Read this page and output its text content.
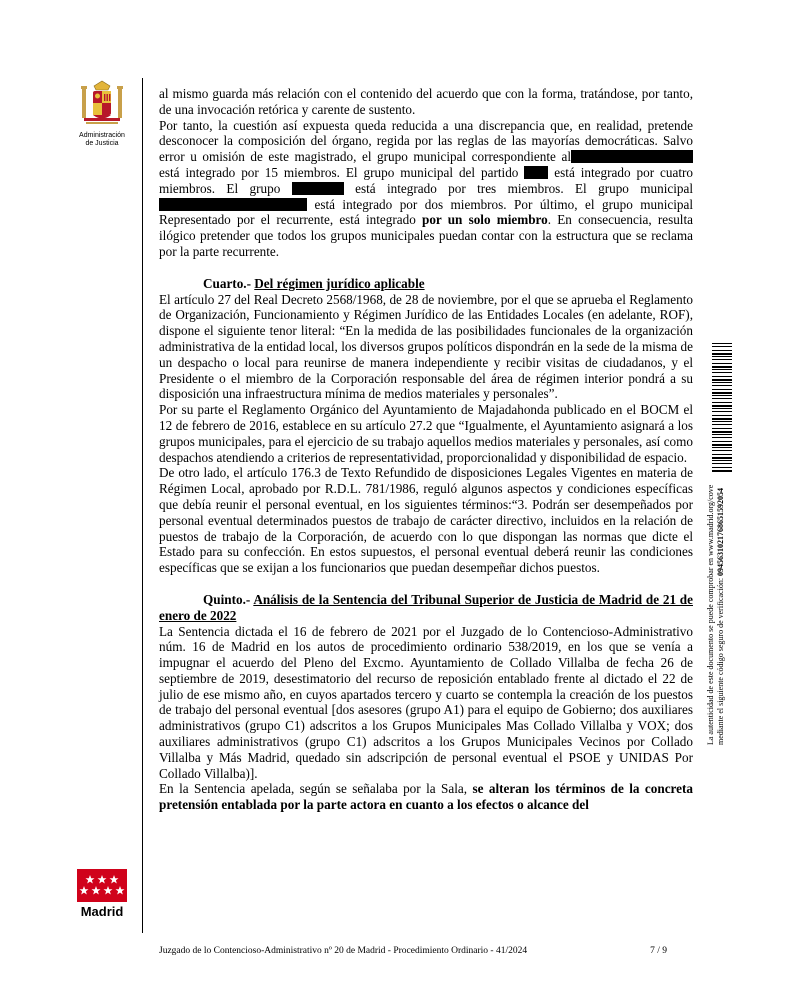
Administración
de Justicia
Madrid

al mismo guarda más relación con el contenido del acuerdo que con la forma, tratándose, por tanto, de una invocación retórica y carente de sustento.

Por tanto, la cuestión así expuesta queda reducida a una discrepancia que, en realidad, pretende desconocer la composición del órgano, regida por las reglas de las mayorías democráticas. Salvo error u omisión de este magistrado, el grupo municipal correspondiente al está integrado por 15 miembros. El grupo municipal del partido  está integrado por cuatro miembros. El grupo	está integrado por tres miembros. El grupo municipal  está integrado por dos miembros. Por último, el grupo municipal Representado por el recurrente, está integrado por un solo miembro. En consecuencia, resulta ilógico pretender que todos los grupos municipales puedan contar con la estructura que se reclama por la parte recurrente.

Cuarto.- Del régimen jurídico aplicable

El artículo 27 del Real Decreto 2568/1968, de 28 de noviembre, por el que se aprueba el Reglamento de Organización, Funcionamiento y Régimen Jurídico de las Entidades Locales (en adelante, ROF), dispone el siguiente tenor literal: “En la medida de las posibilidades funcionales de la organización administrativa de la entidad local, los diversos grupos políticos dispondrán en la sede de la misma de un despacho o local para reunirse de manera independiente y recibir visitas de ciudadanos, y el Presidente o el miembro de la Corporación responsable del área de régimen interior pondrá a su disposición una infraestructura mínima de medios materiales y personales”.

Por su parte el Reglamento Orgánico del Ayuntamiento de Majadahonda publicado en el BOCM el 12 de febrero de 2016, establece en su artículo 27.2 que “Igualmente, el Ayuntamiento asignará a los grupos municipales, para el ejercicio de su trabajo aquellos medios materiales y personales, así como despachos atendiendo a criterios de representatividad, proporcionalidad y disponibilidad de espacio.

De otro lado, el artículo 176.3 de Texto Refundido de disposiciones Legales Vigentes en materia de Régimen Local, aprobado por R.D.L. 781/1986, reguló algunos aspectos y condiciones específicas que debía reunir el personal eventual, en los siguientes términos:“3. Podrán ser desempeñados por personal eventual determinados puestos de trabajo de carácter directivo, incluidos en la relación de puestos de trabajo de la Corporación, de acuerdo con lo que dispongan las normas que dicte el Estado para su confección. En estos supuestos, el personal eventual deberá reunir las condiciones específicas que se exijan a los funcionarios que puedan desempeñar dichos puestos.

Quinto.- Análisis de la Sentencia del Tribunal Superior de Justicia de Madrid de 21 de enero de 2022

La Sentencia dictada el 16 de febrero de 2021 por el Juzgado de lo Contencioso-Administrativo núm. 16 de Madrid en los autos de procedimiento ordinario 538/2019, en los que se venía a impugnar el acuerdo del Pleno del Excmo. Ayuntamiento de Collado Villalba de fecha 26 de septiembre de 2019, desestimatorio del recurso de reposición entablado frente al dictado el 22 de julio de ese mismo año, en cuyos apartados tercero y cuarto se contempla la creación de los puestos de trabajo del personal eventual [dos asesores (grupo A1) para el equipo de Gobierno; dos auxiliares administrativos (grupo C1) adscritos a los Grupos Municipales Mas Collado Villalba y VOX; dos auxiliares administrativos (grupo C1) adscritos a los Grupos Municipales Vecinos por Collado Villalba y Más Madrid, quedado sin adscripción de personal eventual el PSOE y UNIDAS Por Collado Villalba)].

En la Sentencia apelada, según se señalaba por la Sala, se alteran los términos de la concreta pretensión entablada por la parte actora en cuanto a los efectos o alcance del

La autenticidad de este documento se puede comprobar en www.madrid.org/cove mediante el siguiente código seguro de verificación: 0945631021768651592054
Juzgado de lo Contencioso-Administrativo nº 20 de Madrid - Procedimiento Ordinario - 41/2024	7 / 9
